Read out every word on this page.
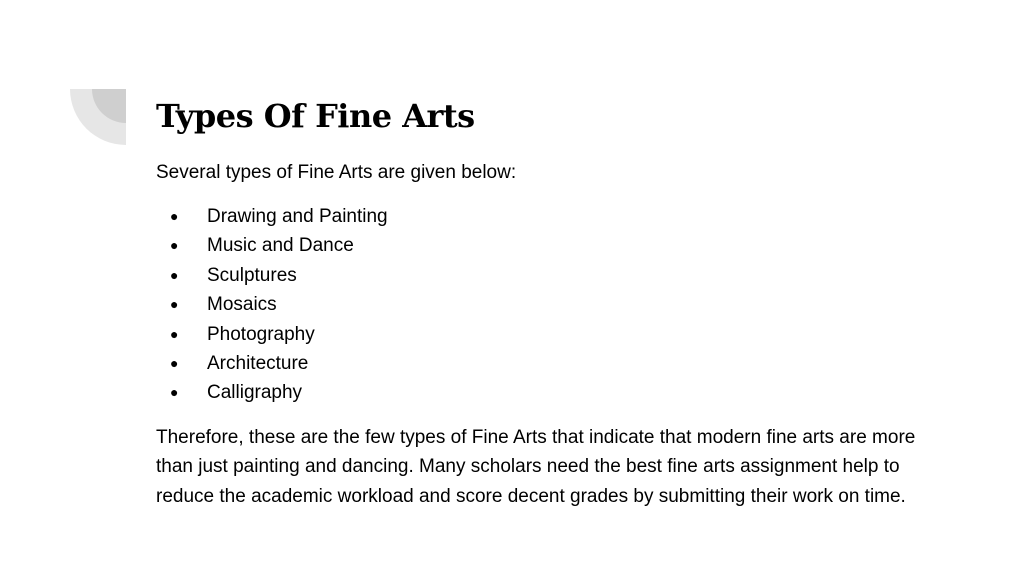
Types Of Fine Arts

Several types of Fine Arts are given below:

● Drawing and Painting
● Music and Dance
● Sculptures
● Mosaics
● Photography
● Architecture
● Calligraphy

Therefore, these are the few types of Fine Arts that indicate that modern fine arts are more than just painting and dancing. Many scholars need the best fine arts assignment help to reduce the academic workload and score decent grades by submitting their work on time.
